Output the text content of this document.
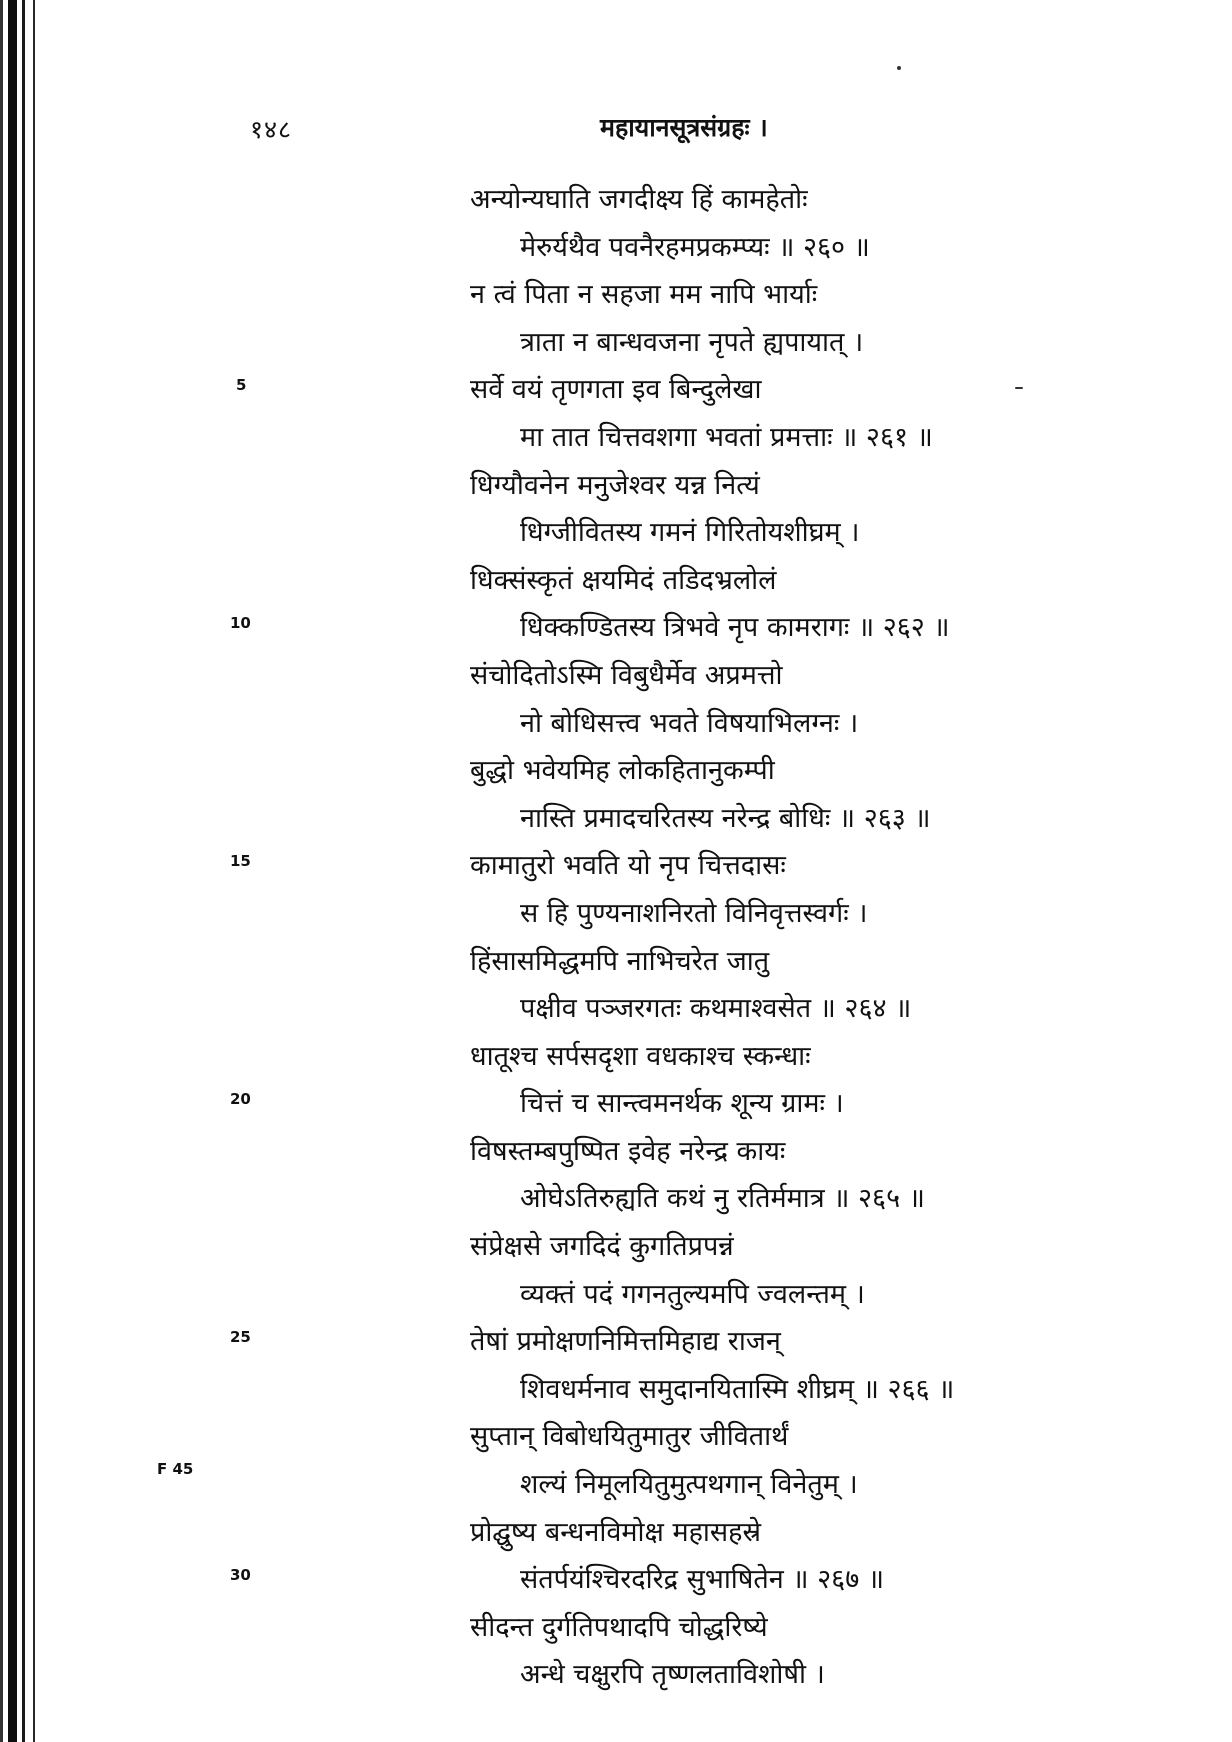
१४८	महायानसूत्रसंग्रहः ।
अन्योन्यघाति जगदीक्ष्य हिं कामहेतोः
मेरुर्यथैव पवनैरहमप्रकम्प्यः ॥ २६० ॥
न त्वं पिता न सहजा मम नापि भार्याः
त्राता न बान्धवजना नृपते ह्यपायात् ।
सर्वे वयं तृणगता इव बिन्दुलेखा
मा तात चित्तवशगा भवतां प्रमत्ताः ॥ २६१ ॥
धिग्यौवनेन मनुजेश्वर यन्न नित्यं
धिग्जीवितस्य गमनं गिरितोयशीघ्रम् ।
धिक्संस्कृतं क्षयमिदं तडिदभ्रलोलं
धिक्कण्डितस्य त्रिभवे नृप कामरागः ॥ २६२ ॥
संचोदितोऽस्मि विबुधैर्मेव अप्रमत्तो
नो बोधिसत्त्व भवते विषयाभिलग्नः ।
बुद्धो भवेयमिह लोकहितानुकम्पी
नास्ति प्रमादचरितस्य नरेन्द्र बोधिः ॥ २६३ ॥
कामातुरो भवति यो नृप चित्तदासः
स हि पुण्यनाशनिरतो विनिवृत्तस्वर्गः ।
हिंसासमिद्धमपि नाभिचरेत जातु
पक्षीव पञ्जरगतः कथमाश्वसेत ॥ २६४ ॥
धातूश्च सर्पसदृशा वधकाश्च स्कन्धाः
चित्तं च सान्त्वमनर्थक शून्य ग्रामः ।
विषस्तम्बपुष्पित इवेह नरेन्द्र कायः
ओघेऽतिरुह्यति कथं नु रतिर्ममात्र ॥ २६५ ॥
संप्रेक्षसे जगदिदं कुगतिप्रपन्नं
व्यक्तं पदं गगनतुल्यमपि ज्वलन्तम् ।
तेषां प्रमोक्षणनिमित्तमिहाद्य राजन्
शिवधर्मनाव समुदानयितास्मि शीघ्रम् ॥ २६६ ॥
सुप्तान् विबोधयितुमातुर जीवितार्थं
शल्यं निमूलयितुमुत्पथगान् विनेतुम् ।
प्रोद्घुष्य बन्धनविमोक्ष महासहस्रे
संतर्पयंश्चिरदरिद्र सुभाषितेन ॥ २६७ ॥
सीदन्त दुर्गतिपथादपि चोद्धरिष्ये
अन्धे चक्षुरपि तृष्णलताविशोषी ।
5
10
15
20
25
30
F 45
